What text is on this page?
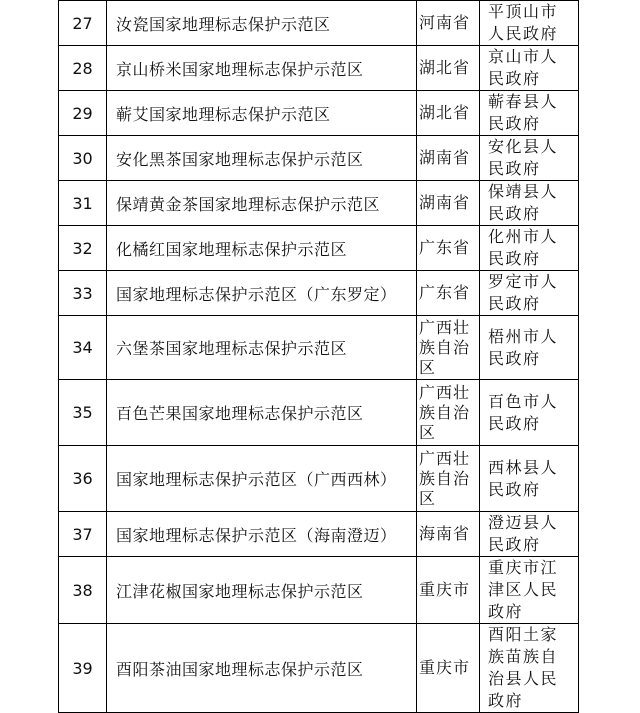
27	汝瓷国家地理标志保护示范区	河南省	平顶山市人民政府

28	京山桥米国家地理标志保护示范区	湖北省	京山市人民政府

29	蕲艾国家地理标志保护示范区	湖北省	蕲春县人民政府

30	安化黑茶国家地理标志保护示范区	湖南省	安化县人民政府

31	保靖黄金茶国家地理标志保护示范区	湖南省	保靖县人民政府

32	化橘红国家地理标志保护示范区	广东省	化州市人民政府

33	国家地理标志保护示范区（广东罗定）	广东省	罗定市人民政府

34	六堡茶国家地理标志保护示范区	广西壮族自治区	梧州市人民政府

35	百色芒果国家地理标志保护示范区	广西壮族自治区	百色市人民政府

36	国家地理标志保护示范区（广西西林）	广西壮族自治区	西林县人民政府

37	国家地理标志保护示范区（海南澄迈）	海南省	澄迈县人民政府

38	江津花椒国家地理标志保护示范区	重庆市	重庆市江津区人民政府

39	酉阳茶油国家地理标志保护示范区	重庆市	酉阳土家族苗族自治县人民政府
